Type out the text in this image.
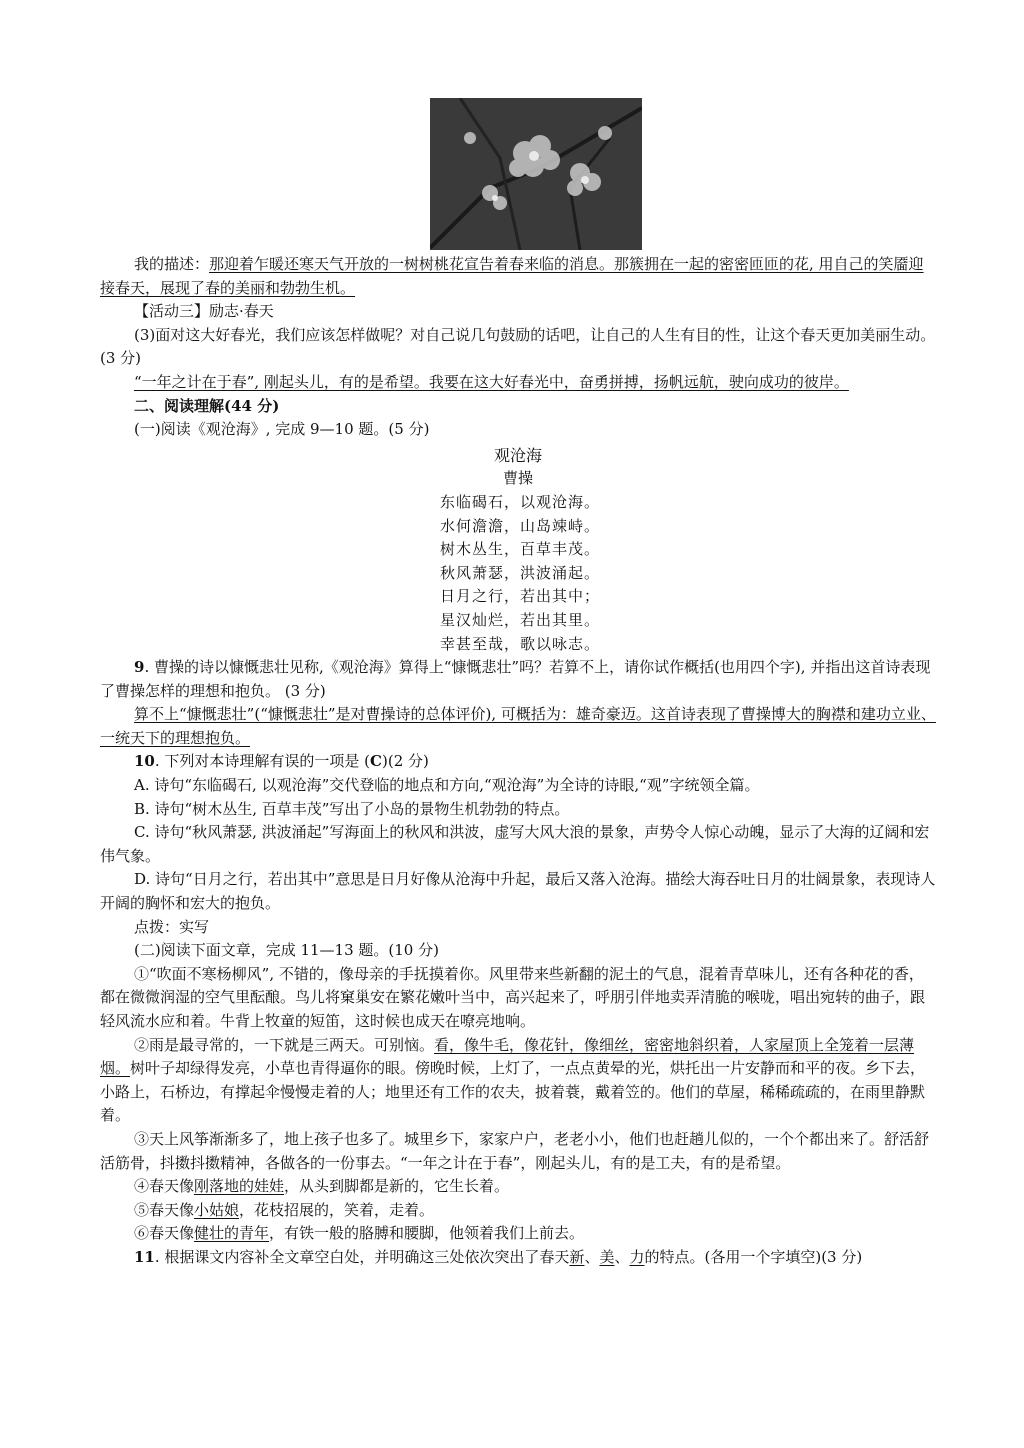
我的描述：那迎着乍暖还寒天气开放的一树树桃花宣告着春来临的消息。那簇拥在一起的密密匝匝的花, 用自己的笑靥迎接春天，展现了春的美丽和勃勃生机。

【活动三】励志·春天

(3)面对这大好春光，我们应该怎样做呢？对自己说几句鼓励的话吧，让自己的人生有目的性，让这个春天更加美丽生动。(3 分)

“一年之计在于春”, 刚起头儿，有的是希望。我要在这大好春光中，奋勇拼搏，扬帆远航，驶向成功的彼岸。

二、阅读理解(44 分)

(一)阅读《观沧海》, 完成 9—10 题。(5 分)

观沧海

曹操

东临碣石，以观沧海。
水何澹澹，山岛竦峙。
树木丛生，百草丰茂。
秋风萧瑟，洪波涌起。
日月之行，若出其中；
星汉灿烂，若出其里。
幸甚至哉，歌以咏志。

9. 曹操的诗以慷慨悲壮见称,《观沧海》算得上“慷慨悲壮”吗？若算不上，请你试作概括(也用四个字), 并指出这首诗表现了曹操怎样的理想和抱负。 (3 分)

算不上“慷慨悲壮”(“慷慨悲壮”是对曹操诗的总体评价), 可概括为：雄奇豪迈。这首诗表现了曹操博大的胸襟和建功立业、一统天下的理想抱负。

10. 下列对本诗理解有误的一项是 (C)(2 分)

A. 诗句“东临碣石, 以观沧海”交代登临的地点和方向,“观沧海”为全诗的诗眼,“观”字统领全篇。

B. 诗句“树木丛生, 百草丰茂”写出了小岛的景物生机勃勃的特点。

C. 诗句“秋风萧瑟, 洪波涌起”写海面上的秋风和洪波，虚写大风大浪的景象，声势令人惊心动魄，显示了大海的辽阔和宏伟气象。

D. 诗句“日月之行，若出其中”意思是日月好像从沧海中升起，最后又落入沧海。描绘大海吞吐日月的壮阔景象，表现诗人开阔的胸怀和宏大的抱负。

点拨：实写

(二)阅读下面文章，完成 11—13 题。(10 分)

①“吹面不寒杨柳风”, 不错的，像母亲的手抚摸着你。风里带来些新翻的泥土的气息，混着青草味儿，还有各种花的香，都在微微润湿的空气里酝酿。鸟儿将窠巢安在繁花嫩叶当中，高兴起来了，呼朋引伴地卖弄清脆的喉咙，唱出宛转的曲子，跟轻风流水应和着。牛背上牧童的短笛，这时候也成天在嘹亮地响。

②雨是最寻常的，一下就是三两天。可别恼。看，像牛毛，像花针，像细丝，密密地斜织着，人家屋顶上全笼着一层薄烟。树叶子却绿得发亮，小草也青得逼你的眼。傍晚时候，上灯了，一点点黄晕的光，烘托出一片安静而和平的夜。乡下去，小路上，石桥边，有撑起伞慢慢走着的人；地里还有工作的农夫，披着蓑，戴着笠的。他们的草屋，稀稀疏疏的，在雨里静默着。

③天上风筝渐渐多了，地上孩子也多了。城里乡下，家家户户，老老小小，他们也赶趟儿似的，一个个都出来了。舒活舒活筋骨，抖擞抖擞精神，各做各的一份事去。“一年之计在于春”，刚起头儿，有的是工夫，有的是希望。

④春天像刚落地的娃娃，从头到脚都是新的，它生长着。

⑤春天像小姑娘，花枝招展的，笑着，走着。

⑥春天像健壮的青年，有铁一般的胳膊和腰脚，他领着我们上前去。

11. 根据课文内容补全文章空白处，并明确这三处依次突出了春天新、美、力的特点。(各用一个字填空)(3 分)
